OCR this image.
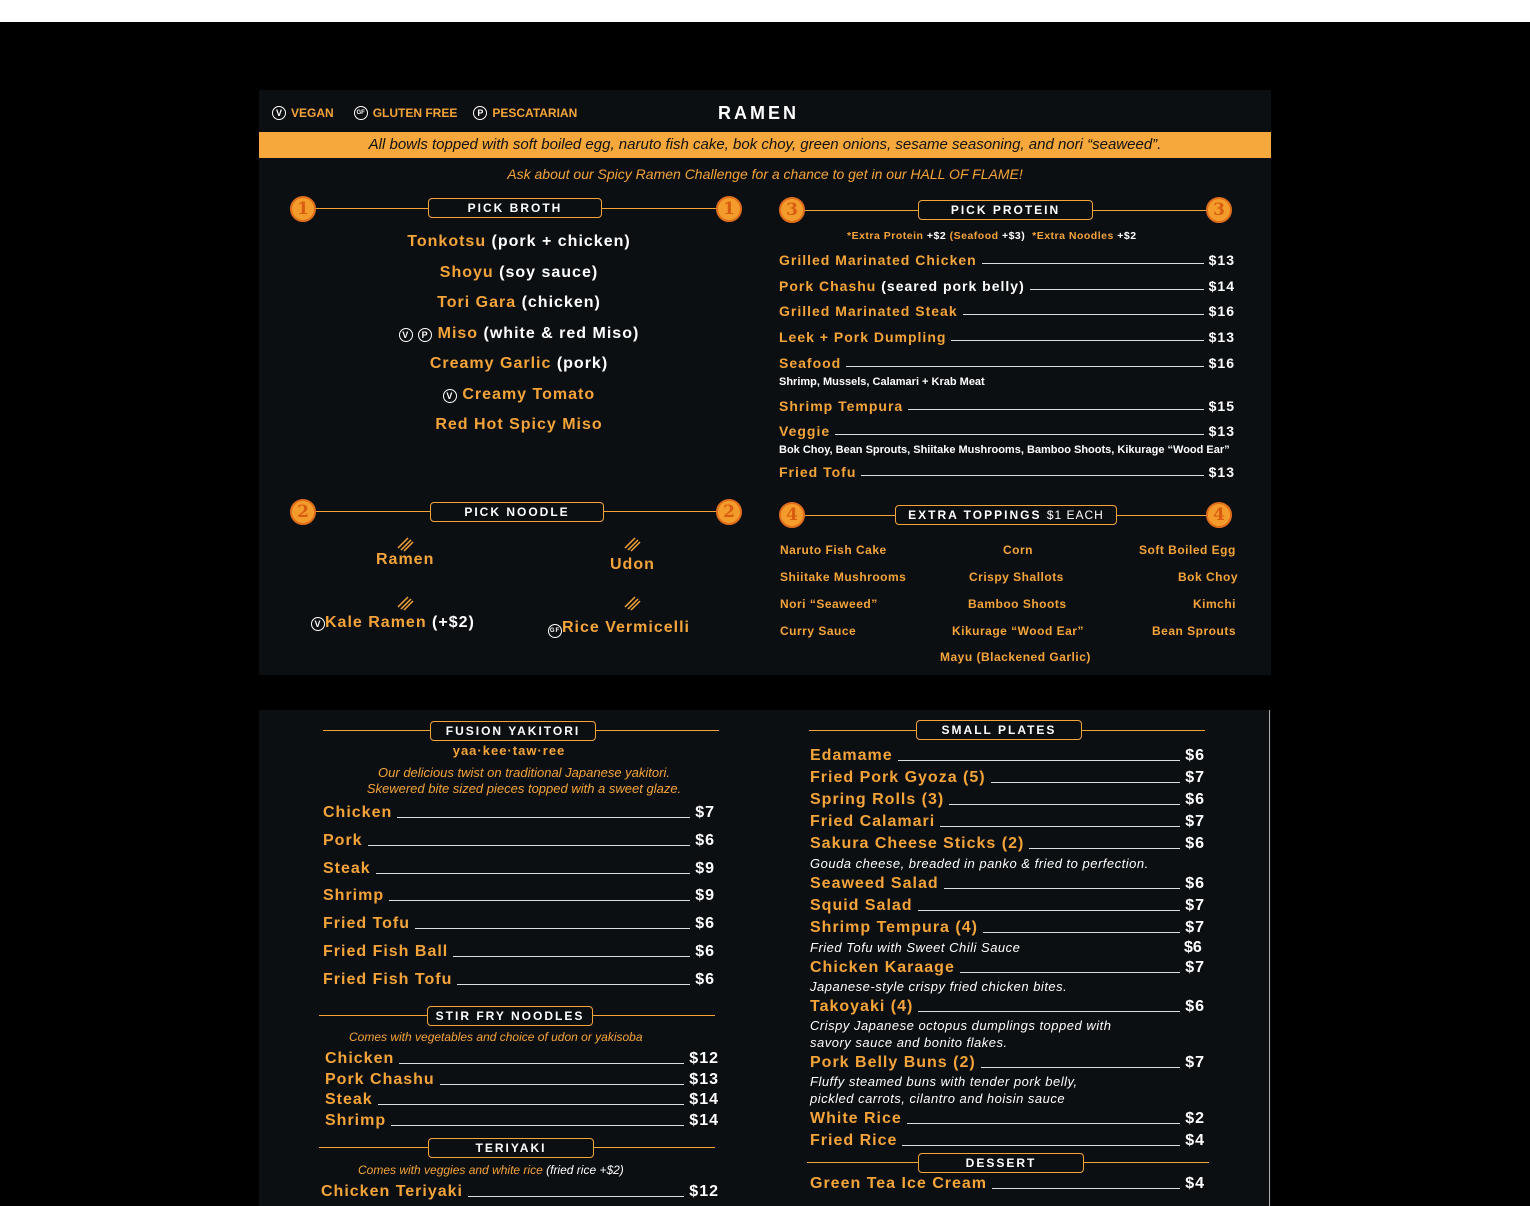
V VEGAN	GF GLUTEN FREE	P PESCATARIAN	RAMEN
All bowls topped with soft boiled egg, naruto fish cake, bok choy, green onions, sesame seasoning, and nori “seaweed”.
Ask about our Spicy Ramen Challenge for a chance to get in our HALL OF FLAME!
1	1
PICK BROTH
Tonkotsu (pork + chicken)
Shoyu (soy sauce)
Tori Gara (chicken)
V P Miso (white & red Miso)
Creamy Garlic (pork)
V Creamy Tomato
Red Hot Spicy Miso
2	2
PICK NOODLE
Ramen	Udon
V Kale Ramen (+$2)	GF Rice Vermicelli
3	3
PICK PROTEIN
*Extra Protein +$2 (Seafood +$3) *Extra Noodles +$2
Grilled Marinated Chicken	$13
Pork Chashu (seared pork belly)	$14
Grilled Marinated Steak	$16
Leek + Pork Dumpling	$13
Seafood	$16
Shrimp, Mussels, Calamari + Krab Meat
Shrimp Tempura	$15
Veggie	$13
Bok Choy, Bean Sprouts, Shiitake Mushrooms, Bamboo Shoots, Kikurage “Wood Ear”
Fried Tofu	$13
4	4
EXTRA TOPPINGS $1 EACH
Naruto Fish Cake	Corn	Soft Boiled Egg
Shiitake Mushrooms	Crispy Shallots	Bok Choy
Nori “Seaweed”	Bamboo Shoots	Kimchi
Curry Sauce	Kikurage “Wood Ear”	Bean Sprouts
Mayu (Blackened Garlic)
FUSION YAKITORI
yaa·kee·taw·ree
Our delicious twist on traditional Japanese yakitori.
Skewered bite sized pieces topped with a sweet glaze.
Chicken	$7
Pork	$6
Steak	$9
Shrimp	$9
Fried Tofu	$6
Fried Fish Ball	$6
Fried Fish Tofu	$6
STIR FRY NOODLES
Comes with vegetables and choice of udon or yakisoba
Chicken	$12
Pork Chashu	$13
Steak	$14
Shrimp	$14
TERIYAKI
Comes with veggies and white rice (fried rice +$2)
Chicken Teriyaki	$12
SMALL PLATES
Edamame	$6
Fried Pork Gyoza (5)	$7
Spring Rolls (3)	$6
Fried Calamari	$7
Sakura Cheese Sticks (2)	$6
Gouda cheese, breaded in panko & fried to perfection.
Seaweed Salad	$6
Squid Salad	$7
Shrimp Tempura (4)	$7
Fried Tofu with Sweet Chili Sauce	$6
Chicken Karaage	$7
Japanese-style crispy fried chicken bites.
Takoyaki (4)	$6
Crispy Japanese octopus dumplings topped with
savory sauce and bonito flakes.
Pork Belly Buns (2)	$7
Fluffy steamed buns with tender pork belly,
pickled carrots, cilantro and hoisin sauce
White Rice	$2
Fried Rice	$4
DESSERT
Green Tea Ice Cream	$4
